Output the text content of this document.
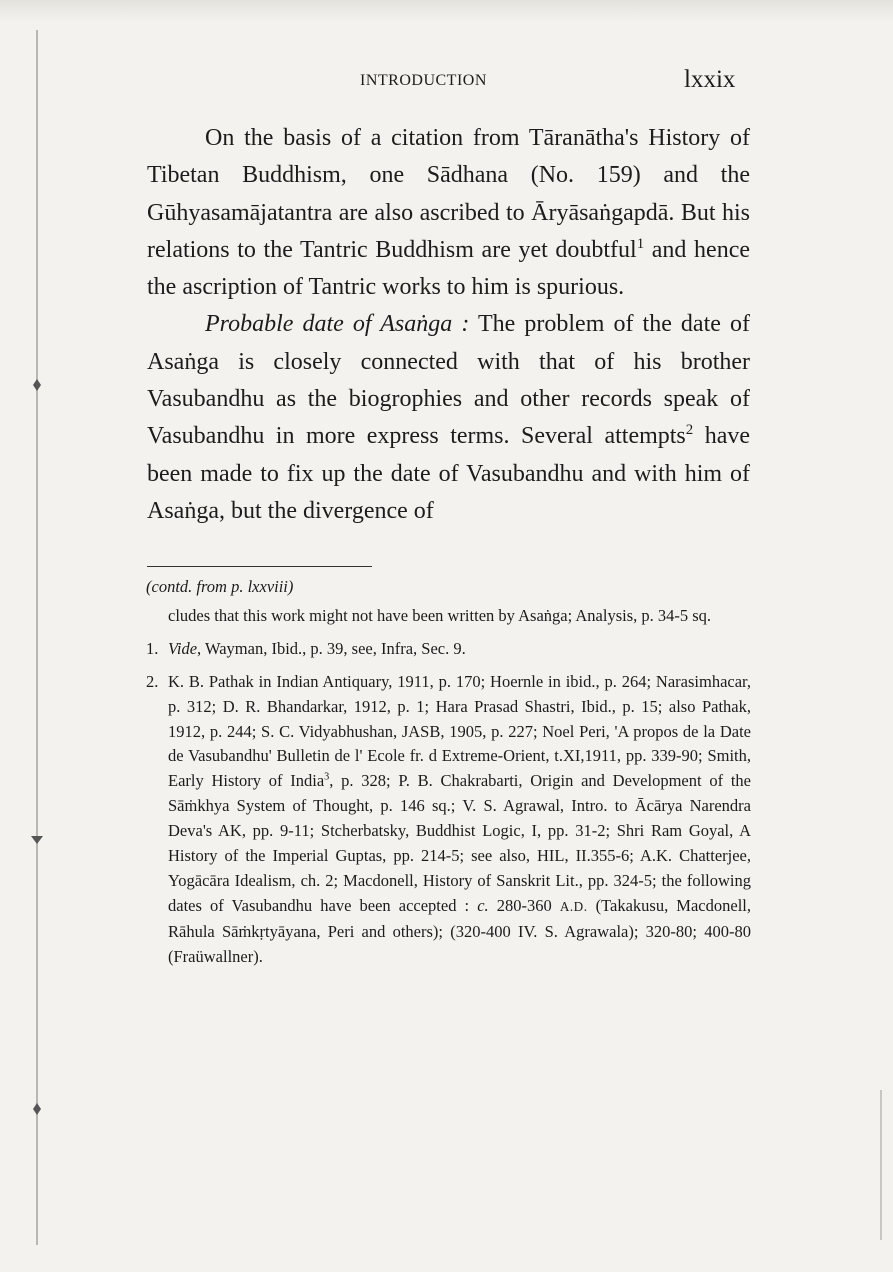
INTRODUCTION	lxxix

On the basis of a citation from Tāranātha's History of Tibetan Buddhism, one Sādhana (No. 159) and the Gūhyasamājatantra are also ascribed to Āryāsaṅgapdā. But his relations to the Tantric Buddhism are yet doubtful$^1$ and hence the ascription of Tantric works to him is spurious.

Probable date of Asaṅga : The problem of the date of Asaṅga is closely connected with that of his brother Vasubandhu as the biogrophies and other records speak of Vasubandhu in more express terms. Several attempts$^2$ have been made to fix up the date of Vasubandhu and with him of Asaṅga, but the divergence of

(contd. from p. lxxviii)

cludes that this work might not have been written by Asaṅga; Analysis, p. 34-5 sq.

1. Vide, Wayman, Ibid., p. 39, see, Infra, Sec. 9.

2. K. B. Pathak in Indian Antiquary, 1911, p. 170; Hoernle in ibid., p. 264; Narasimhacar, p. 312; D. R. Bhandarkar, 1912, p. 1; Hara Prasad Shastri, Ibid., p. 15; also Pathak, 1912, p. 244; S. C. Vidyabhushan, JASB, 1905, p. 227; Noel Peri, 'A propos de la Date de Vasubandhu' Bulletin de l' Ecole fr. d Extreme-Orient, t.XI,1911, pp. 339-90; Smith, Early History of India$^3$, p. 328; P. B. Chakrabarti, Origin and Development of the Sāṁkhya System of Thought, p. 146 sq.; V. S. Agrawal, Intro. to Ācārya Narendra Deva's AK, pp. 9-11; Stcherbatsky, Buddhist Logic, I, pp. 31-2; Shri Ram Goyal, A History of the Imperial Guptas, pp. 214-5; see also, HIL, II.355-6; A.K. Chatterjee, Yogācāra Idealism, ch. 2; Macdonell, History of Sanskrit Lit., pp. 324-5; the following dates of Vasubandhu have been accepted : c. 280-360 A.D. (Takakusu, Macdonell, Rāhula Sāṁkṛtyāyana, Peri and others); (320-400 IV. S. Agrawala); 320-80; 400-80 (Fraüwallner).
